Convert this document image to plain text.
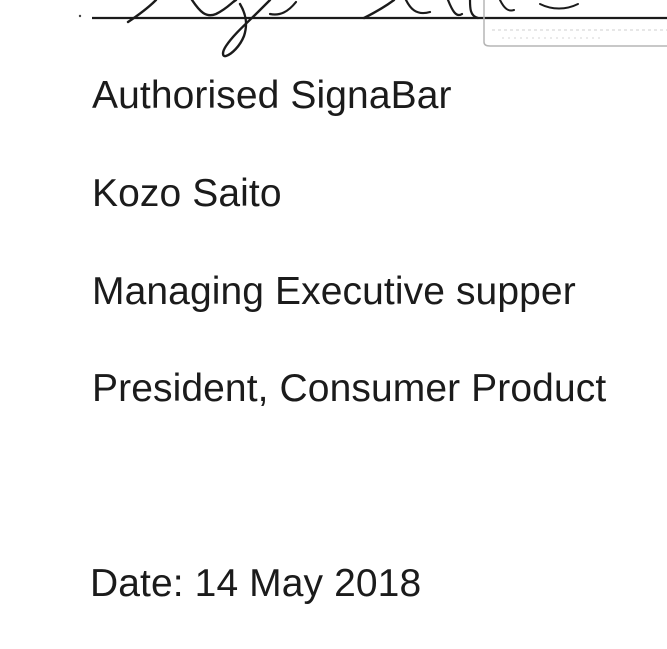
Authorised SignaBar
Kozo Saito
Managing Executive supper
President, Consumer Product
Date: 14 May 2018
